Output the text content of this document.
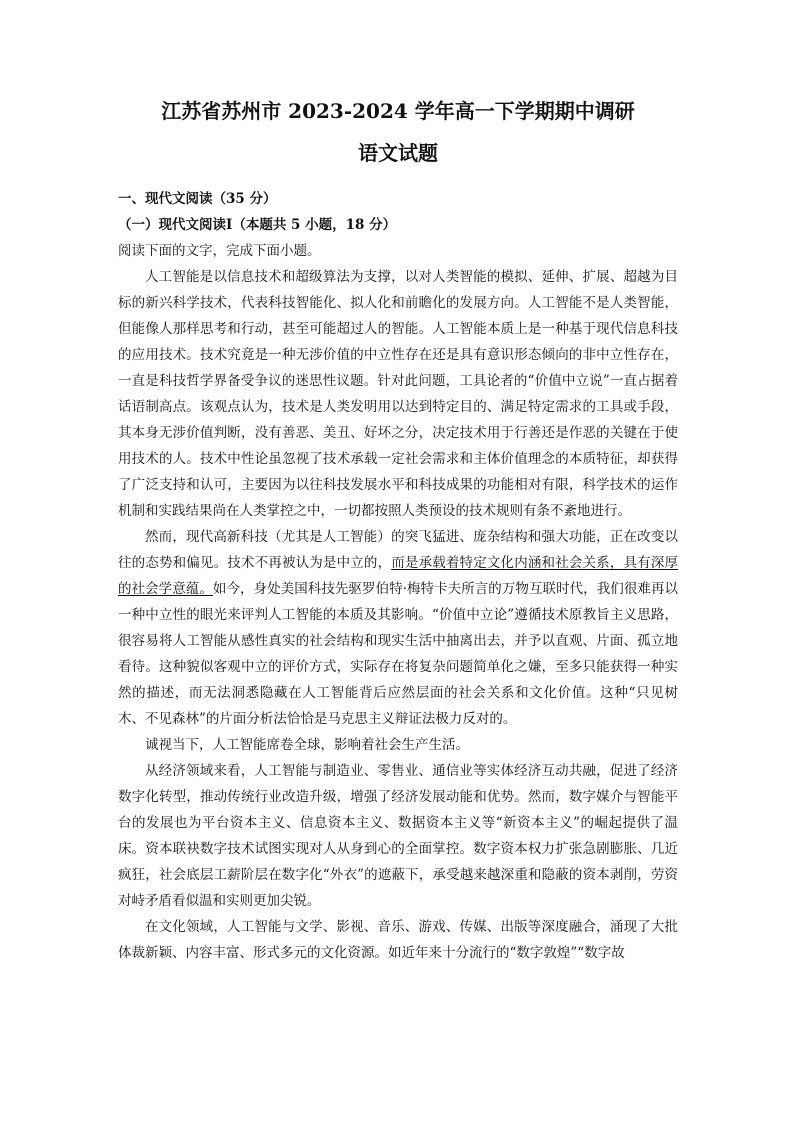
江苏省苏州市 2023-2024 学年高一下学期期中调研

语文试题

一、现代文阅读（35 分）

（一）现代文阅读Ⅰ（本题共 5 小题，18 分）

阅读下面的文字，完成下面小题。

人工智能是以信息技术和超级算法为支撑，以对人类智能的模拟、延伸、扩展、超越为目标的新兴科学技术，代表科技智能化、拟人化和前瞻化的发展方向。人工智能不是人类智能，但能像人那样思考和行动，甚至可能超过人的智能。人工智能本质上是一种基于现代信息科技的应用技术。技术究竟是一种无涉价值的中立性存在还是具有意识形态倾向的非中立性存在，一直是科技哲学界备受争议的迷思性议题。针对此问题，工具论者的“价值中立说”一直占据着话语制高点。该观点认为，技术是人类发明用以达到特定目的、满足特定需求的工具或手段，其本身无涉价值判断，没有善恶、美丑、好坏之分，决定技术用于行善还是作恶的关键在于使用技术的人。技术中性论虽忽视了技术承载一定社会需求和主体价值理念的本质特征，却获得了广泛支持和认可，主要因为以往科技发展水平和科技成果的功能相对有限，科学技术的运作机制和实践结果尚在人类掌控之中，一切都按照人类预设的技术规则有条不紊地进行。

然而，现代高新科技（尤其是人工智能）的突飞猛进、庞杂结构和强大功能，正在改变以往的态势和偏见。技术不再被认为是中立的，而是承载着特定文化内涵和社会关系，具有深厚的社会学意蕴。如今，身处美国科技先驱罗伯特·梅特卡夫所言的万物互联时代，我们很难再以一种中立性的眼光来评判人工智能的本质及其影响。“价值中立论”遵循技术原教旨主义思路，很容易将人工智能从感性真实的社会结构和现实生活中抽离出去，并予以直观、片面、孤立地看待。这种貌似客观中立的评价方式，实际存在将复杂问题简单化之嫌，至多只能获得一种实然的描述，而无法洞悉隐藏在人工智能背后应然层面的社会关系和文化价值。这种“只见树木、不见森林”的片面分析法恰恰是马克思主义辩证法极力反对的。

诚视当下，人工智能席卷全球，影响着社会生产生活。

从经济领域来看，人工智能与制造业、零售业、通信业等实体经济互动共融，促进了经济数字化转型，推动传统行业改造升级，增强了经济发展动能和优势。然而，数字媒介与智能平台的发展也为平台资本主义、信息资本主义、数据资本主义等“新资本主义”的崛起提供了温床。资本联袂数字技术试图实现对人从身到心的全面掌控。数字资本权力扩张急剧膨胀、几近疯狂，社会底层工薪阶层在数字化“外衣”的遮蔽下，承受越来越深重和隐蔽的资本剥削，劳资对峙矛盾看似温和实则更加尖锐。

在文化领域，人工智能与文学、影视、音乐、游戏、传媒、出版等深度融合，涌现了大批体裁新颖、内容丰富、形式多元的文化资源。如近年来十分流行的“数字敦煌”“数字故
